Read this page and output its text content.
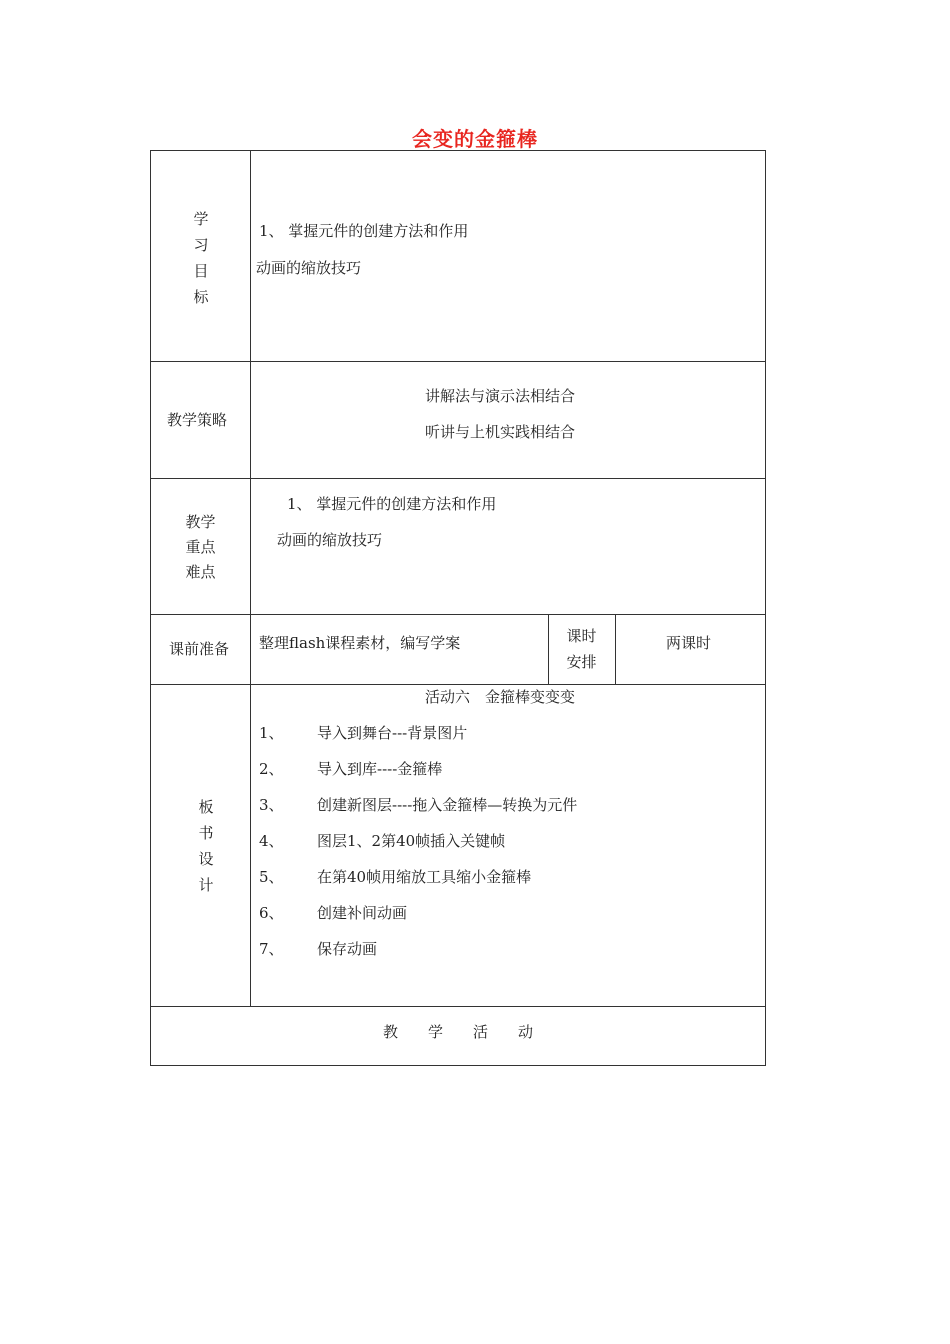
会变的金箍棒
学
习
目
标
1、 掌握元件的创建方法和作用
动画的缩放技巧
教学策略
讲解法与演示法相结合
听讲与上机实践相结合
教学
重点
难点
1、 掌握元件的创建方法和作用
动画的缩放技巧
课前准备 整理flash课程素材，编写学案	课时
安排
两课时
板
书
设
计
活动六　金箍棒变变变
1、 导入到舞台---背景图片
2、 导入到库----金箍棒
3、 创建新图层----拖入金箍棒—转换为元件
4、 图层1、2第40帧插入关键帧
5、 在第40帧用缩放工具缩小金箍棒
6、 创建补间动画
7、 保存动画
教　　学　　活　　动
